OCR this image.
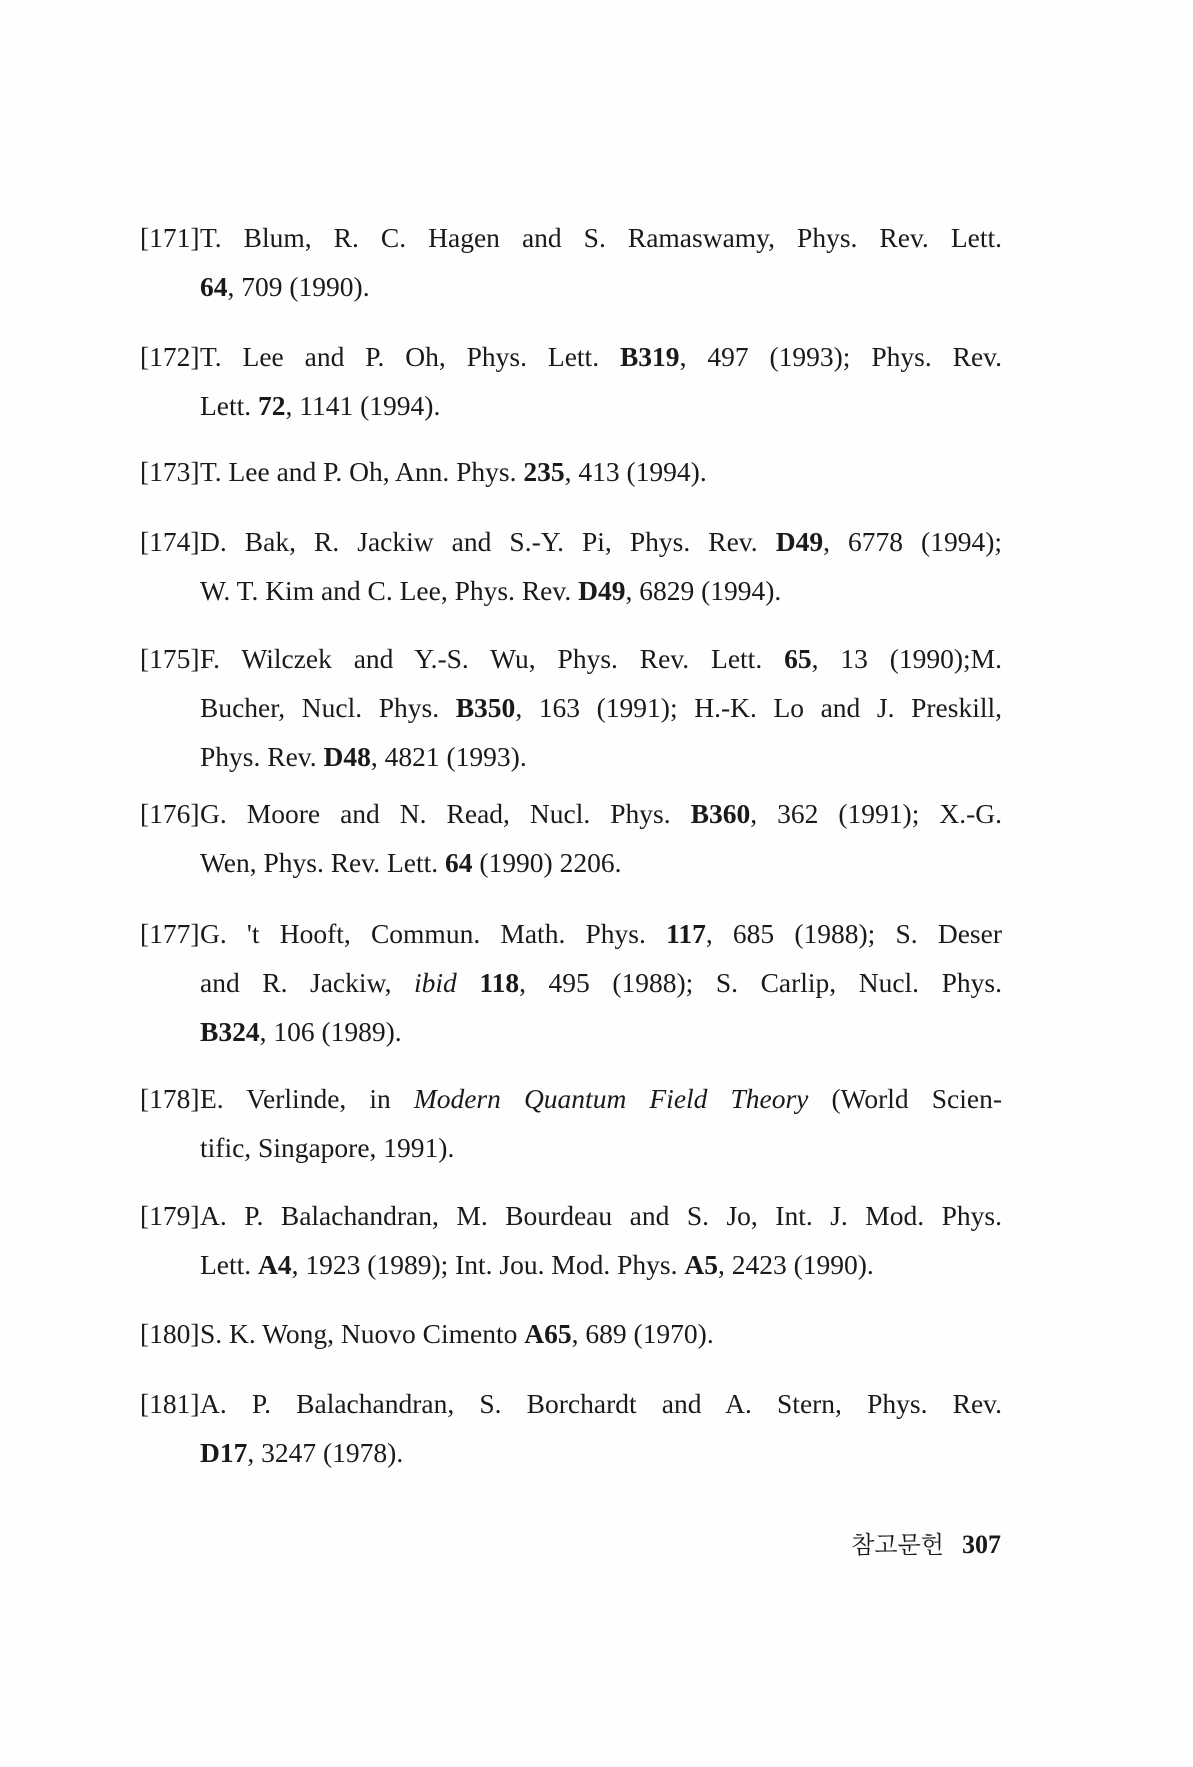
[171] T. Blum, R. C. Hagen and S. Ramaswamy, Phys. Rev. Lett.
64, 709 (1990).
[172] T. Lee and P. Oh, Phys. Lett. B319, 497 (1993); Phys. Rev.
Lett. 72, 1141 (1994).
[173] T. Lee and P. Oh, Ann. Phys. 235, 413 (1994).
[174] D. Bak, R. Jackiw and S.-Y. Pi, Phys. Rev. D49, 6778 (1994);
W. T. Kim and C. Lee, Phys. Rev. D49, 6829 (1994).
[175] F. Wilczek and Y.-S. Wu, Phys. Rev. Lett. 65, 13 (1990);M.
Bucher, Nucl. Phys. B350, 163 (1991); H.-K. Lo and J. Preskill,
Phys. Rev. D48, 4821 (1993).
[176] G. Moore and N. Read, Nucl. Phys. B360, 362 (1991); X.-G.
Wen, Phys. Rev. Lett. 64 (1990) 2206.
[177] G. 't Hooft, Commun. Math. Phys. 117, 685 (1988); S. Deser
and R. Jackiw, ibid 118, 495 (1988); S. Carlip, Nucl. Phys.
B324, 106 (1989).
[178] E. Verlinde, in Modern Quantum Field Theory (World Scien-
tific, Singapore, 1991).
[179] A. P. Balachandran, M. Bourdeau and S. Jo, Int. J. Mod. Phys.
Lett. A4, 1923 (1989); Int. Jou. Mod. Phys. A5, 2423 (1990).
[180] S. K. Wong, Nuovo Cimento A65, 689 (1970).
[181] A. P. Balachandran, S. Borchardt and A. Stern, Phys. Rev.
D17, 3247 (1978).
참고문헌 307
